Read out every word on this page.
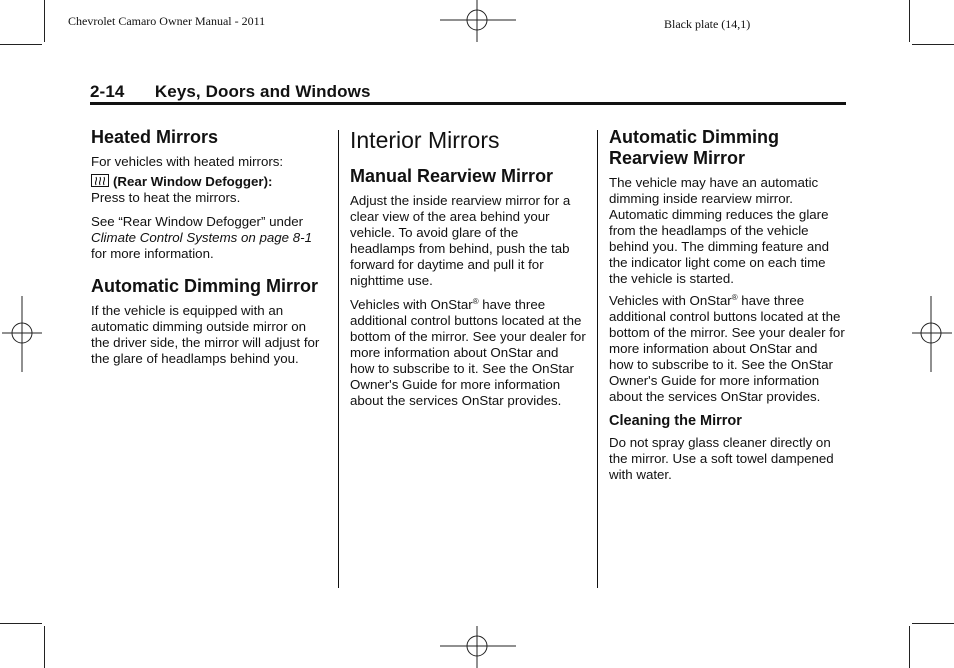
Chevrolet Camaro Owner Manual - 2011	Black plate (14,1)
2-14 Keys, Doors and Windows
Heated Mirrors

For vehicles with heated mirrors:

(Rear Window Defogger):
Press to heat the mirrors.

See “Rear Window Defogger” under Climate Control Systems on page 8-1 for more information.

Automatic Dimming Mirror

If the vehicle is equipped with an automatic dimming outside mirror on the driver side, the mirror will adjust for the glare of headlamps behind you.

Interior Mirrors
Manual Rearview Mirror

Adjust the inside rearview mirror for a clear view of the area behind your vehicle. To avoid glare of the headlamps from behind, push the tab forward for daytime and pull it for nighttime use.

Vehicles with OnStar® have three additional control buttons located at the bottom of the mirror. See your dealer for more information about OnStar and how to subscribe to it. See the OnStar Owner's Guide for more information about the services OnStar provides.

Automatic Dimming Rearview Mirror

The vehicle may have an automatic dimming inside rearview mirror. Automatic dimming reduces the glare from the headlamps of the vehicle behind you. The dimming feature and the indicator light come on each time the vehicle is started.

Vehicles with OnStar® have three additional control buttons located at the bottom of the mirror. See your dealer for more information about OnStar and how to subscribe to it. See the OnStar Owner's Guide for more information about the services OnStar provides.

Cleaning the Mirror

Do not spray glass cleaner directly on the mirror. Use a soft towel dampened with water.
